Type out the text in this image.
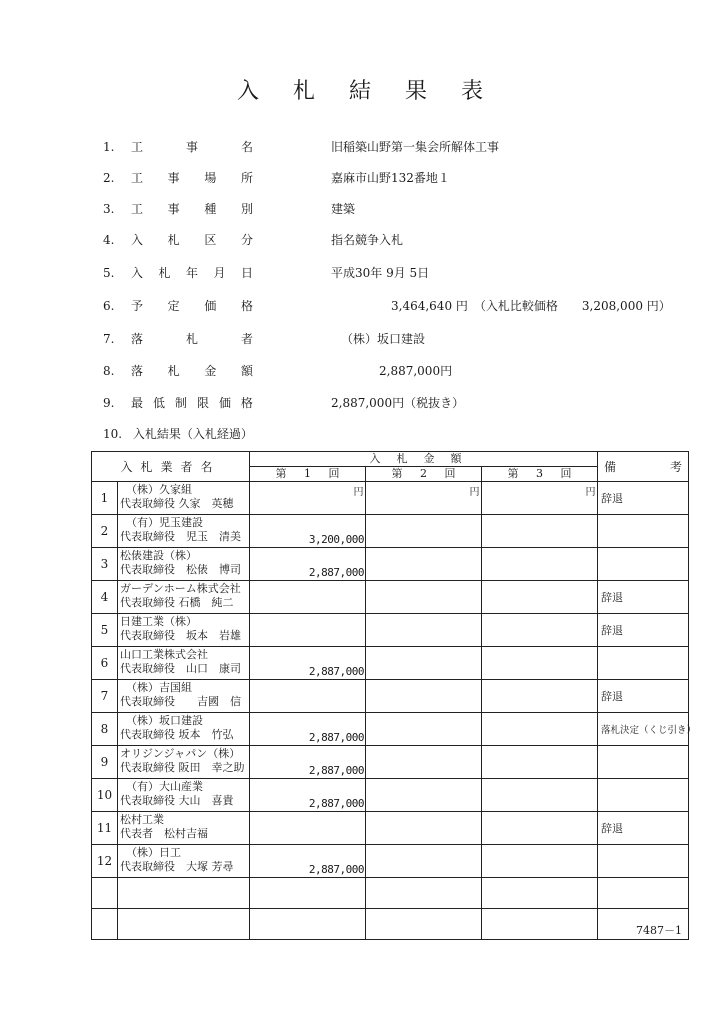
入札結果表
1.	工	事	名	旧稲築山野第一集会所解体工事
2.	工 事 場 所	嘉麻市山野132番地１
3.	工 事 種 別	建築
4.	入 札 区 分	指名競争入札
5.	入 札 年 月 日	平成30年 9月 5日
6.	予 定 価 格	　　　　　3,464,640 円　（入札比較価格　　3,208,000 円）
7.	落	札	者	（株）坂口建設
8.	落 札 金 額	　　　　2,887,000円
9.	最 低 制 限 価 格	2,887,000円（税抜き）
10. 入札結果（入札経過）
入札業者名		入札金額			備 考

		第 1 回	第 2 回	第 3 回	
1	（株）久家組
代表取締役 久家　英穂	円	円	円	辞退
2	（有）児玉建設
代表取締役　児玉　清美	3,200,000			
3	松俵建設（株）
代表取締役　松俵　博司	2,887,000			
4	ガーデンホーム株式会社
代表取締役 石橋　純二				辞退
5	日建工業（株）
代表取締役　坂本　岩雄				辞退
6	山口工業株式会社
代表取締役　山口　康司	2,887,000			
7	（株）吉国組
代表取締役　　吉國　信				辞退
8	（株）坂口建設
代表取締役 坂本　竹弘	2,887,000			落札決定（くじ引き）
9	オリジンジャパン（株）
代表取締役 阪田　幸之助	2,887,000			
10	（有）大山産業
代表取締役 大山　喜貴	2,887,000			
11	松村工業
代表者　松村吉福				辞退
12	（株）日工
代表取締役　大塚 芳尋	2,887,000			

7487－1
